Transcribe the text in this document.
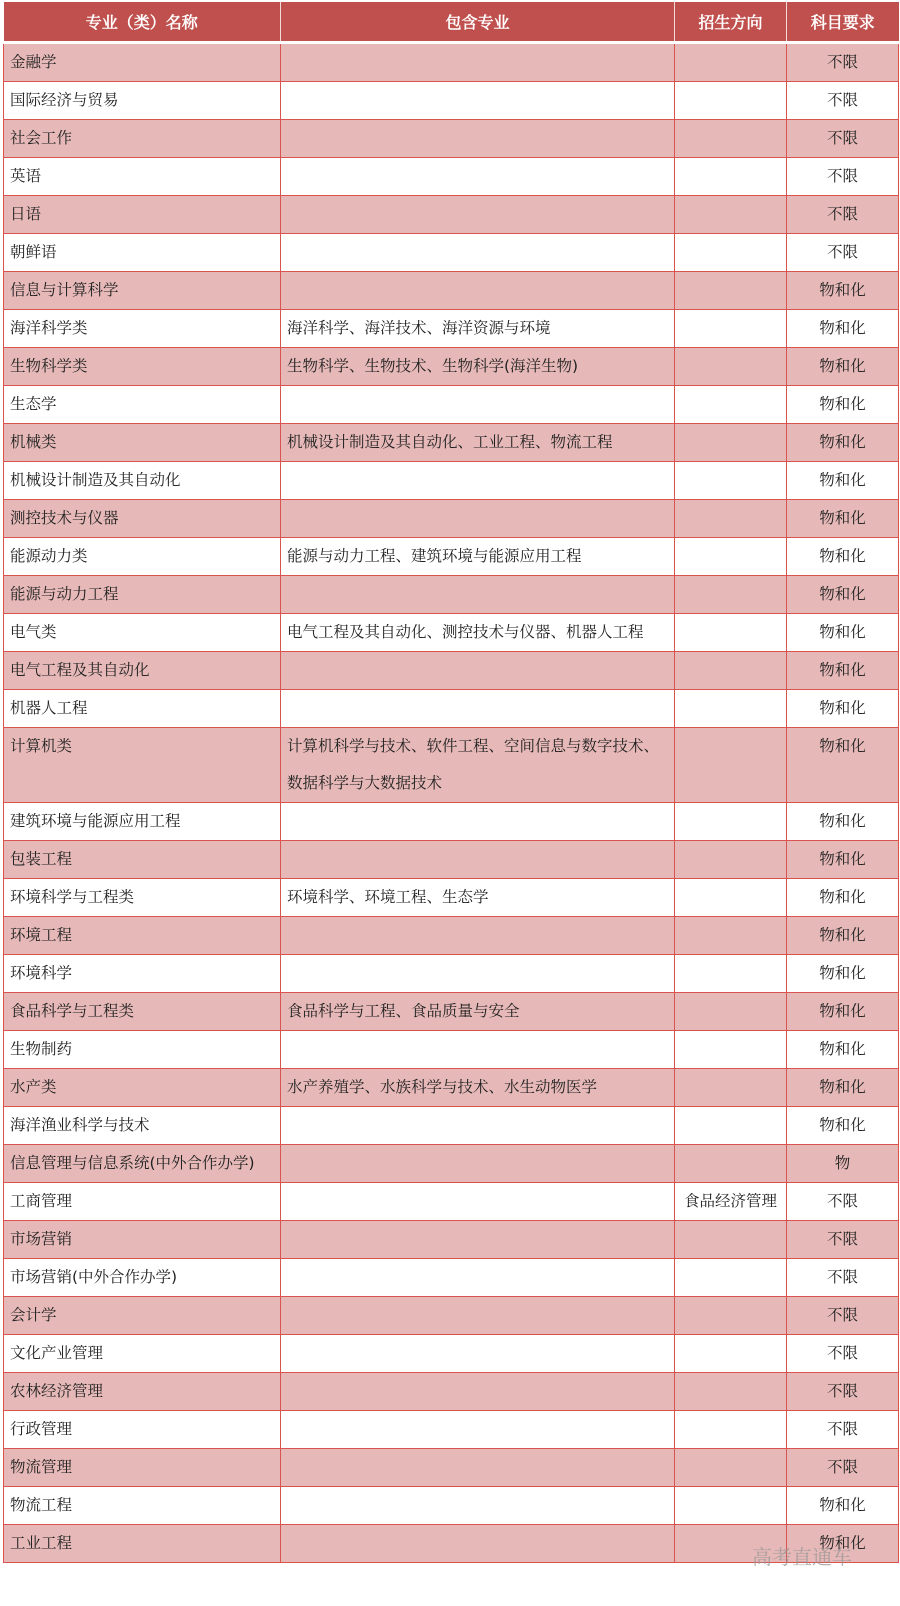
专业（类）名称	包含专业	招生方向	科目要求
金融学			不限
国际经济与贸易			不限
社会工作			不限
英语			不限
日语			不限
朝鲜语			不限
信息与计算科学			物和化
海洋科学类	海洋科学、海洋技术、海洋资源与环境		物和化
生物科学类	生物科学、生物技术、生物科学(海洋生物)		物和化
生态学			物和化
机械类	机械设计制造及其自动化、工业工程、物流工程		物和化
机械设计制造及其自动化			物和化
测控技术与仪器			物和化
能源动力类	能源与动力工程、建筑环境与能源应用工程		物和化
能源与动力工程			物和化
电气类	电气工程及其自动化、测控技术与仪器、机器人工程		物和化
电气工程及其自动化			物和化
机器人工程			物和化
计算机类	计算机科学与技术、软件工程、空间信息与数字技术、数据科学与大数据技术		物和化
建筑环境与能源应用工程			物和化
包装工程			物和化
环境科学与工程类	环境科学、环境工程、生态学		物和化
环境工程			物和化
环境科学			物和化
食品科学与工程类	食品科学与工程、食品质量与安全		物和化
生物制药			物和化
水产类	水产养殖学、水族科学与技术、水生动物医学		物和化
海洋渔业科学与技术			物和化
信息管理与信息系统(中外合作办学)			物
工商管理		食品经济管理	不限
市场营销			不限
市场营销(中外合作办学)			不限
会计学			不限
文化产业管理			不限
农林经济管理			不限
行政管理			不限
物流管理			不限
物流工程			物和化
工业工程			物和化
高考直通车
